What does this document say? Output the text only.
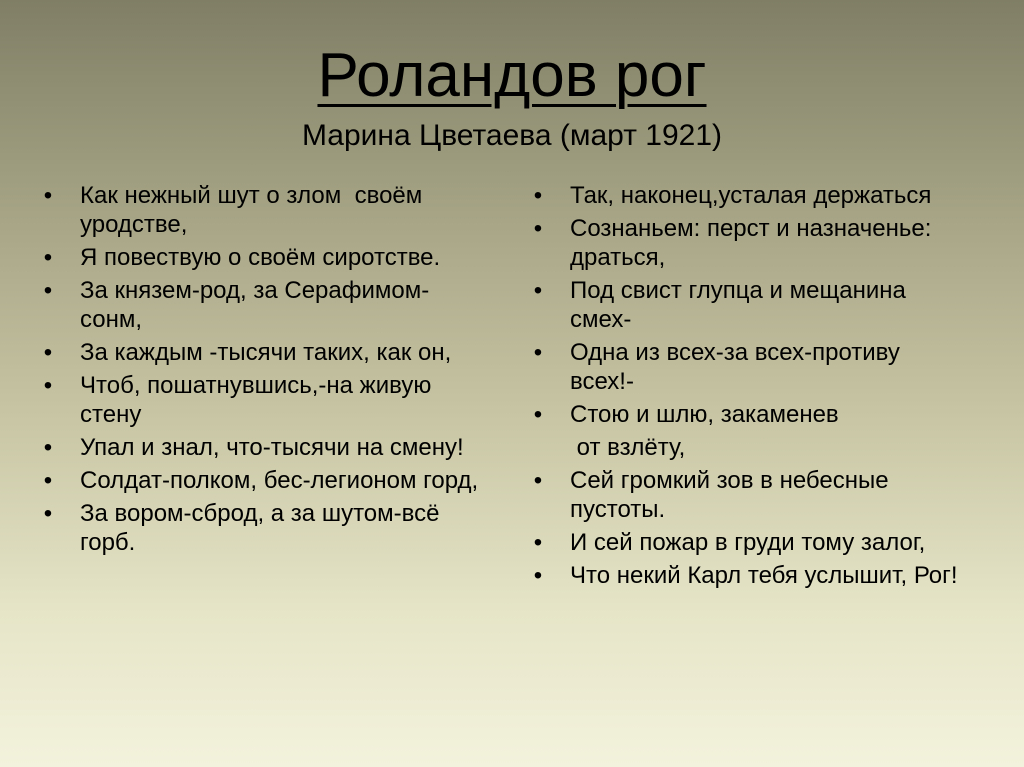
Роландов рог
Марина Цветаева (март 1921)
• Как нежный шут о злом  своём уродстве,
• Я повествую о своём сиротстве.
• За князем-род, за Серафимом-сонм,
• За каждым -тысячи таких, как он,
• Чтоб, пошатнувшись,-на живую стену
• Упал и знал, что-тысячи на смену!
• Солдат-полком, бес-легионом горд,
• За вором-сброд, а за шутом-всё горб.
• Так, наконец,усталая держаться
• Сознаньем: перст и назначенье: драться,
• Под свист глупца и мещанина смех-
• Одна из всех-за всех-противу всех!-
• Стою и шлю, закаменев
от взлёту,
• Сей громкий зов в небесные пустоты.
• И сей пожар в груди тому залог,
• Что некий Карл тебя услышит, Рог!
